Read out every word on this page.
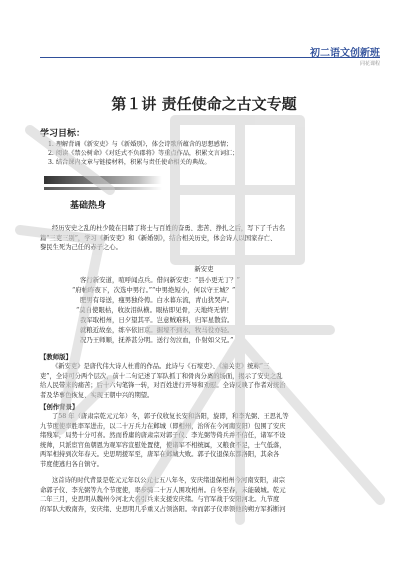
初二语文创新班
同花课程
第１讲 责任使命之古文专题
学习目标：
1. 理解背诵《新安吏》与《新婚别》，体会诗歌所蕴含的思想感情；
2. 阅读《禁公树命》《对廷式不负郡将》等重点作品，积累文言词汇；
3. 结合课内文章与链接材料，积累与责任使命相关的典故。
基础热身
经历安史之乱的杜少陵在目睹了将士与百姓的奋勇、悲苦、挣扎之后，写下了千古名
篇“三吏三别”，学习《新安吏》和《新婚别》，结合相关历史，体会诗人以国家存亡、
黎民生死为己任的赤子之心。
新安吏
客行新安道，喧呼闻点兵。借问新安吏：“县小更无丁？”
“府帖昨夜下，次选中男行。”“中男绝短小，何以守王城？”
肥男有母送，瘦男独伶俜。白水暮东流，青山犹哭声。
“莫自使眼枯，收汝泪纵横。眼枯即见骨，天地终无情！
我军取相州，日夕望其平。岂意贼难料，归军星散营。
就粮近故垒，练卒依旧京。掘壕不到水，牧马役亦轻。
况乃王师顺，抚养甚分明。送行勿泣血，仆射如父兄。”
【教师版】
《新安吏》是唐代伟大诗人杜甫的作品。此诗与《石壕吏》、《潼关吏》统称“三
吏”，全诗可分两个层次，前十二句记述了军队抓丁和骨肉分离的场面，揭示了安史之乱
给人民带来的痛苦；后十六句笔锋一转，对百姓进行开导和劝慰。全诗反映了作者对统治
者及华事色恢复、实现王朝中兴的期望。
【创作背景】
了58 年（唐肃宗乾元元年）冬，郭子仪收复长安和洛阳，旋即，和李光弼、王思礼等
九节度使率胜率军进击，以二十万兵力在邺城（即相州，治所在今河南安阳）包围了安庆
绪残军，局势十分可喜。然而昏庸的唐肃宗对郭子仪、李光弼等倚兵并不信任，诸军不设
统帅，只派宦官鱼朝恩为观军容宣慰处置使，使诸军不相统属，又粮食不足，士气低落，
两军相持到次年春天。史思明援军至，唐军在邺城大败。郭子仪退保东都洛阳，其余各
节度使逃归各自镇守。
这首诗的时代背景是乾元元年以公元七五八年冬，安庆绪退保相州今河南安阳，肃宗
命郭子仪、李光弼等九个节度使，率步骑二十万人围攻相州。自冬至春，未能破城。乾元
二年三月，史思明从魏州今河北大名引兵来支援安庆绪。与官军战于安阳河北。九节度
的军队大败南奔，安庆绪、史思明几乎重又占领洛阳。幸而郭子仪率领他的朔方军拆断河
